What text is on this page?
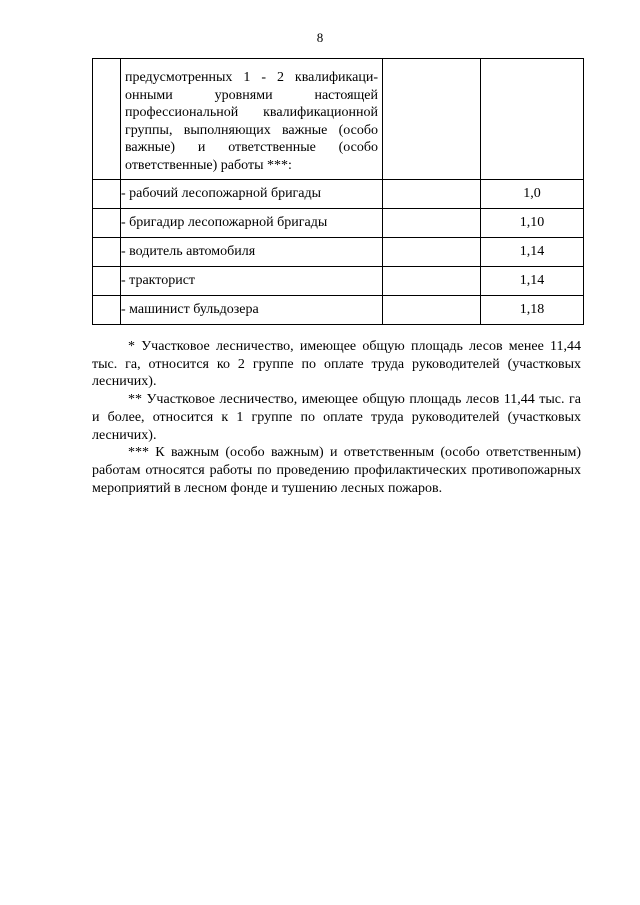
8

	предусмотренных 1 - 2 квалификационными уровнями настоящей профессиональной квалификационной группы, выполняющих важные (особо важные) и ответственные (особо ответственные) работы ***:		

	- рабочий лесопожарной бригады		1,0
	- бригадир лесопожарной бригады		1,10
	- водитель автомобиля		1,14
	- тракторист		1,14
	- машинист бульдозера		1,18

* Участковое лесничество, имеющее общую площадь лесов менее 11,44 тыс. га, относится ко 2 группе по оплате труда руководителей (участковых лесничих).

** Участковое лесничество, имеющее общую площадь лесов 11,44 тыс. га и более, относится к 1 группе по оплате труда руководителей (участковых лесничих).

*** К важным (особо важным) и ответственным (особо ответственным) работам относятся работы по проведению профилактических противопожарных мероприятий в лесном фонде и тушению лесных пожаров.
